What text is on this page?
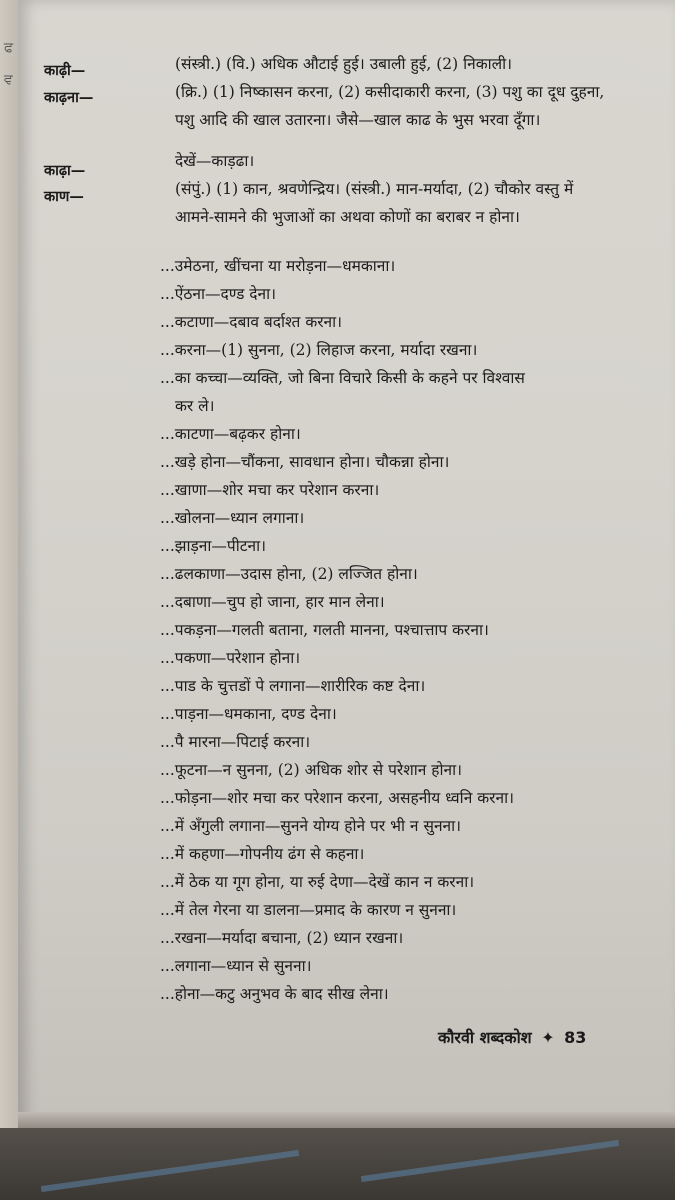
ਫ
ਵ
काढ़ी—
काढ़ना—
काढ़ा—
काण—
(संस्त्री.) (वि.) अधिक औटाई हुई। उबाली हुई, (2) निकाली।
(क्रि.) (1) निष्कासन करना, (2) कसीदाकारी करना, (3) पशु का दूध दुहना, पशु आदि की खाल उतारना। जैसे—खाल काढ के भुस भरवा दूँगा।
देखें—काड़ढा।
(संपुं.) (1) कान, श्रवणेन्द्रिय। (संस्त्री.) मान-मर्यादा, (2) चौकोर वस्तु में आमने-सामने की भुजाओं का अथवा कोणों का बराबर न होना।
...उमेठना, खींचना या मरोड़ना—धमकाना।
...ऐंठना—दण्ड देना।
...कटाणा—दबाव बर्दाश्त करना।
...करना—(1) सुनना, (2) लिहाज करना, मर्यादा रखना।
...का कच्चा—व्यक्ति, जो बिना विचारे किसी के कहने पर विश्वास
कर ले।
...काटणा—बढ़कर होना।
...खड़े होना—चौंकना, सावधान होना। चौकन्ना होना।
...खाणा—शोर मचा कर परेशान करना।
...खोलना—ध्यान लगाना।
...झाड़ना—पीटना।
...ढलकाणा—उदास होना, (2) लज्जित होना।
...दबाणा—चुप हो जाना, हार मान लेना।
...पकड़ना—गलती बताना, गलती मानना, पश्चात्ताप करना।
...पकणा—परेशान होना।
...पाड के चुत्तडों पे लगाना—शारीरिक कष्ट देना।
...पाड़ना—धमकाना, दण्ड देना।
...पै मारना—पिटाई करना।
...फूटना—न सुनना, (2) अधिक शोर से परेशान होना।
...फोड़ना—शोर मचा कर परेशान करना, असहनीय ध्वनि करना।
...में अँगुली लगाना—सुनने योग्य होने पर भी न सुनना।
...में कहणा—गोपनीय ढंग से कहना।
...में ठेक या गूग होना, या रुई देणा—देखें कान न करना।
...में तेल गेरना या डालना—प्रमाद के कारण न सुनना।
...रखना—मर्यादा बचाना, (2) ध्यान रखना।
...लगाना—ध्यान से सुनना।
...होना—कटु अनुभव के बाद सीख लेना।
कौरवी शब्दकोश ✦ 83
